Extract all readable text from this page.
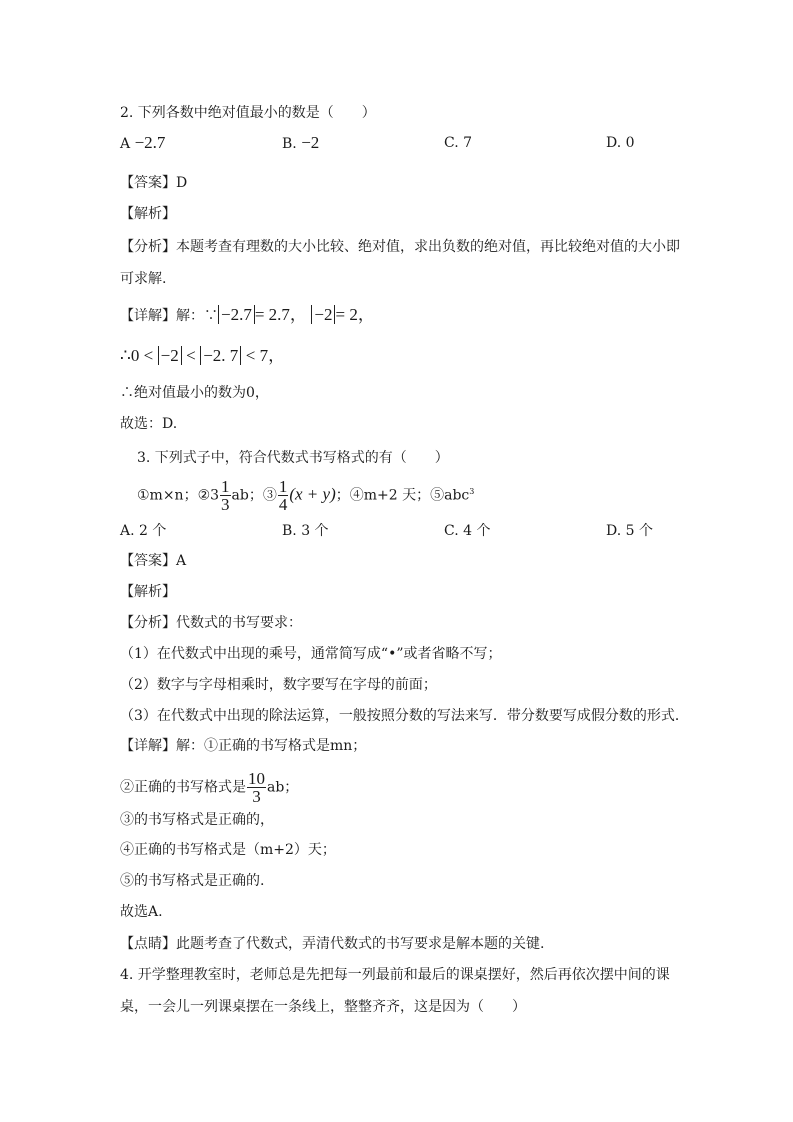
2. 下列各数中绝对值最小的数是（　　）
A −2.7	B. −2	C. 7	D. 0
【答案】D
【解析】
【分析】本题考查有理数的大小比较、绝对值，求出负数的绝对值，再比较绝对值的大小即
可求解.
【详解】解：∵ −2.7 = 2.7， −2 = 2，
∴0 < −2 < −2. 7 < 7，
∴绝对值最小的数为0，
故选：D.
3. 下列式子中，符合代数式书写格式的有（　　）
①m×n；②3 $\frac{1}{3}$ ab；③ $\frac{1}{4} (x + y)$；④m+2 天；⑤abc$^3$
A. 2 个	B. 3 个	C. 4 个	D. 5 个
【答案】A
【解析】
【分析】代数式的书写要求：
（1）在代数式中出现的乘号，通常简写成“•”或者省略不写；
（2）数字与字母相乘时，数字要写在字母的前面；
（3）在代数式中出现的除法运算，一般按照分数的写法来写．带分数要写成假分数的形式．
【详解】解：①正确的书写格式是mn；
②正确的书写格式是 $\frac{10}{3}$ ab；
③的书写格式是正确的，
④正确的书写格式是（m+2）天；
⑤的书写格式是正确的.
故选A.
【点睛】此题考查了代数式，弄清代数式的书写要求是解本题的关键.
4. 开学整理教室时，老师总是先把每一列最前和最后的课桌摆好，然后再依次摆中间的课
桌，一会儿一列课桌摆在一条线上，整整齐齐，这是因为（　　）
